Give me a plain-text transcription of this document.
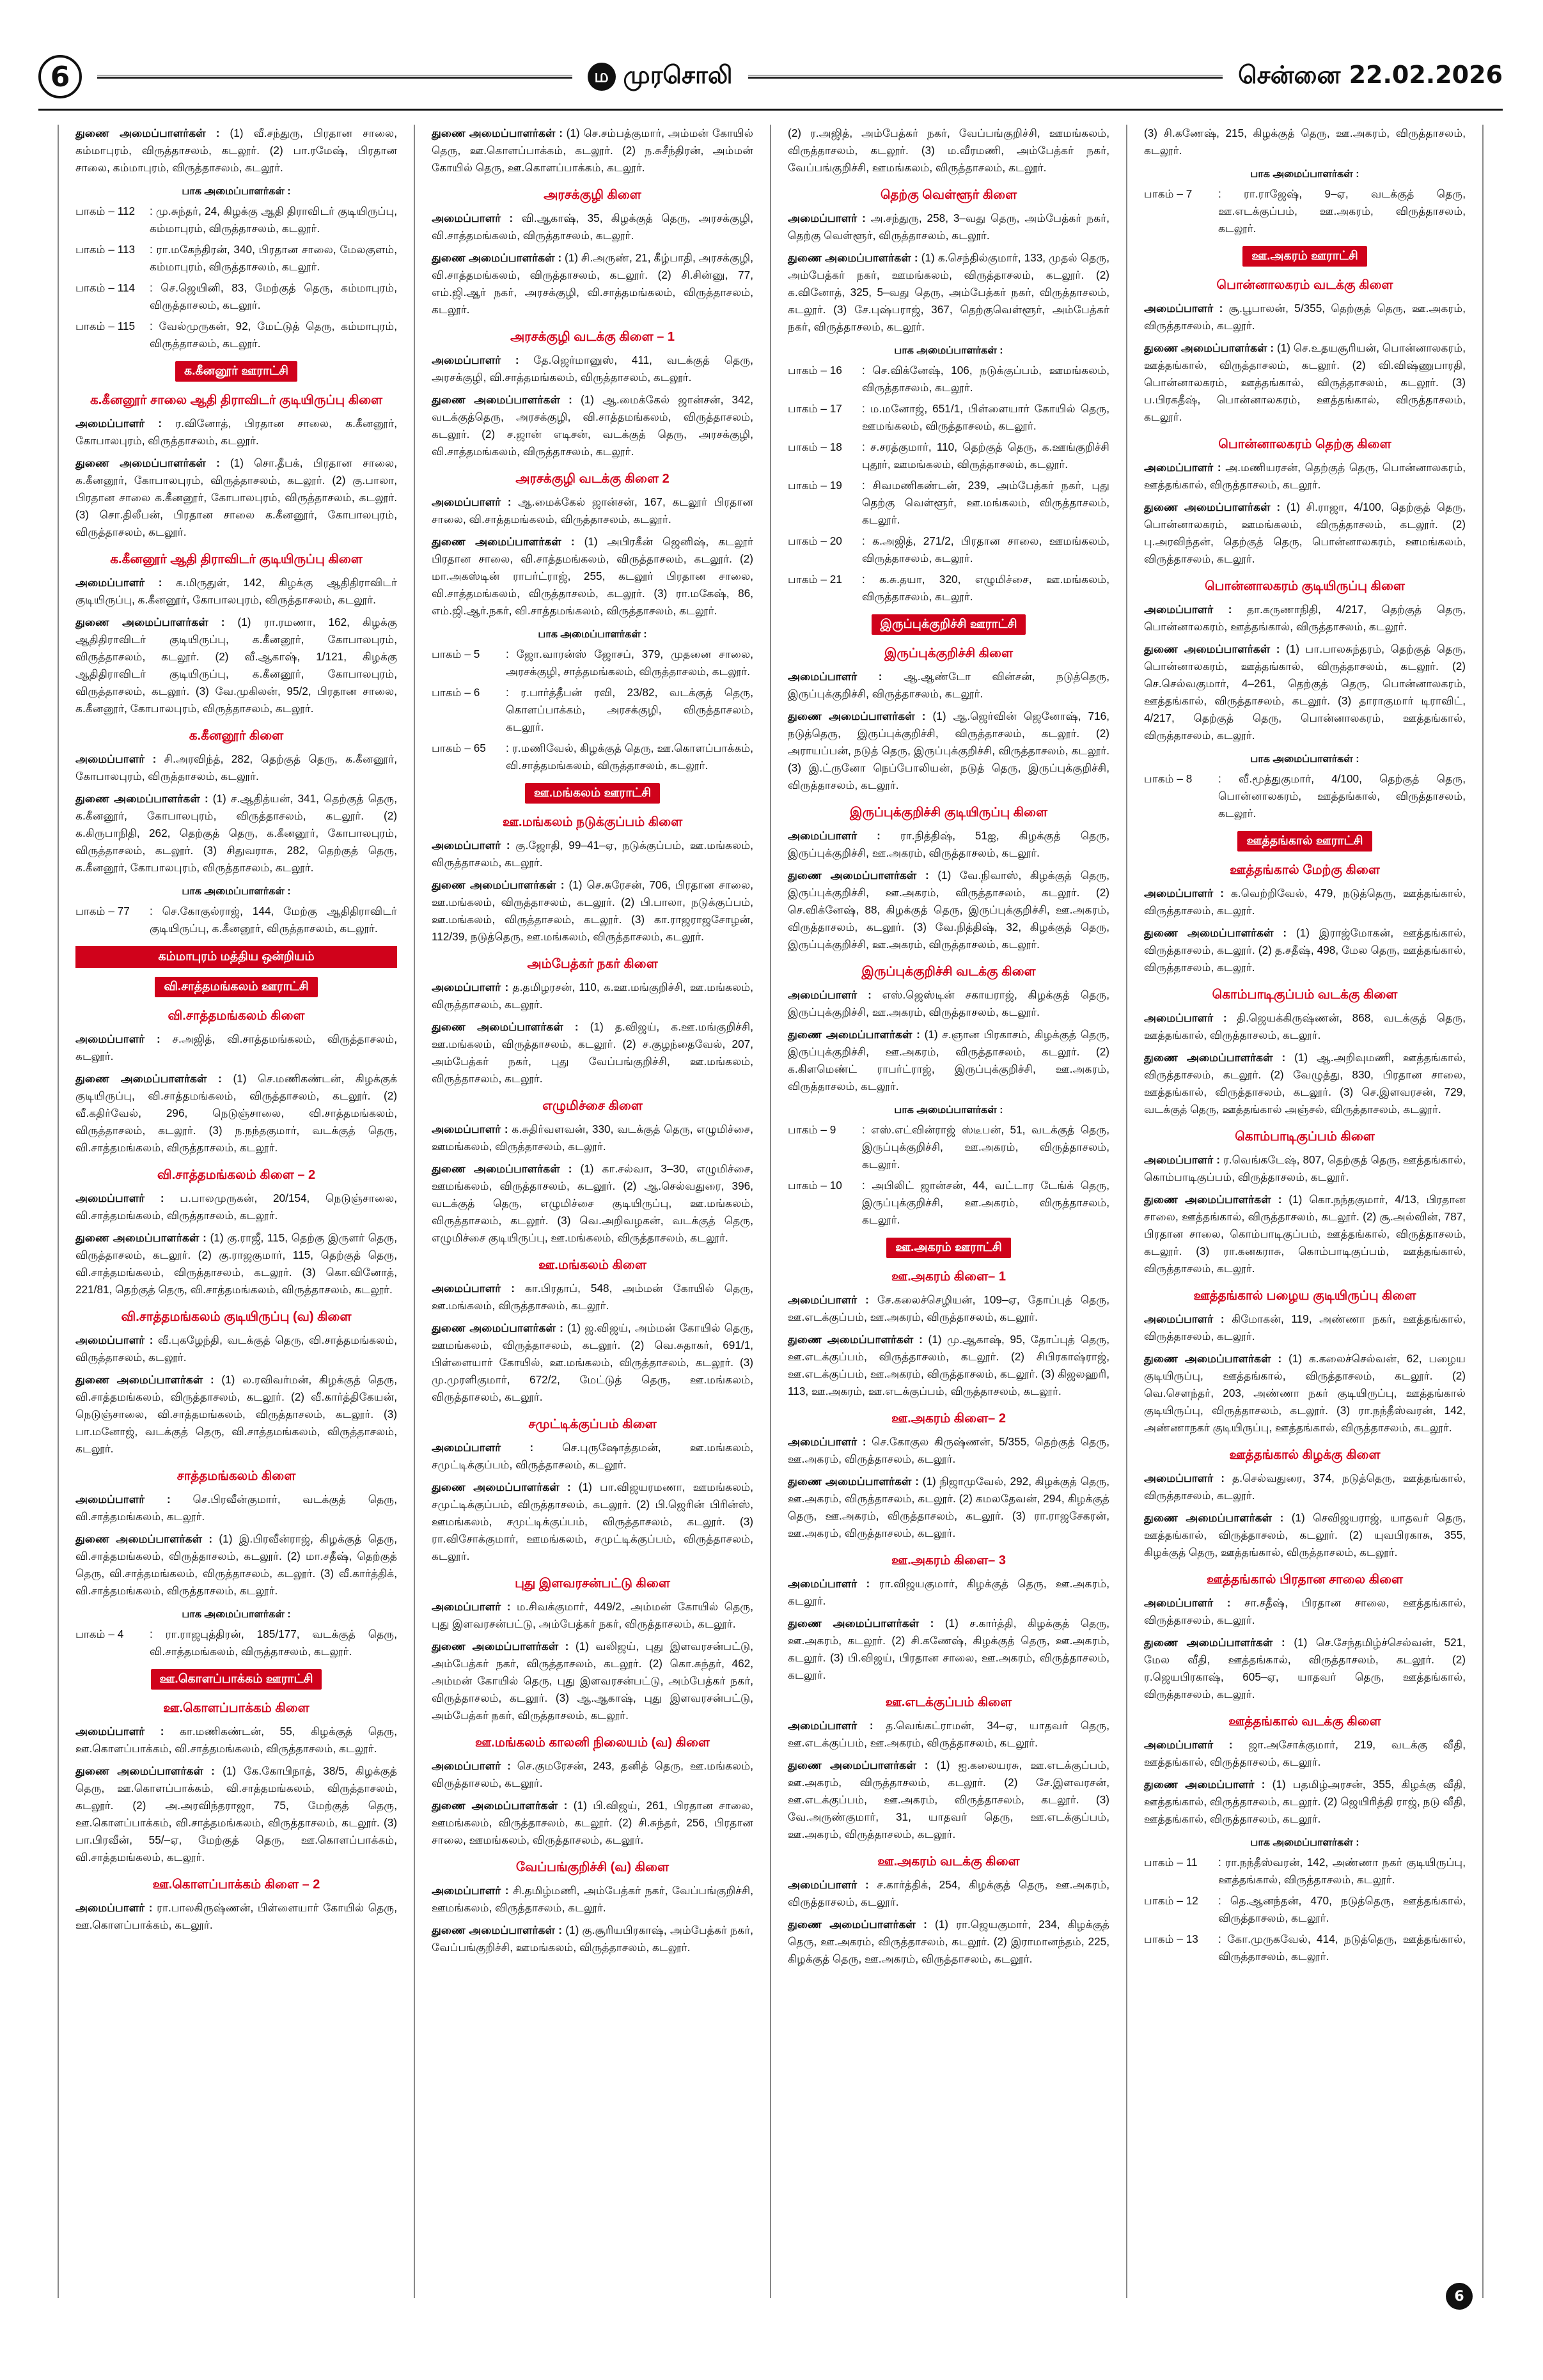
6	ம முரசொலி	சென்னை 22.02.2026

துணை அமைப்பாளர்கள் : (1) வீ.சந்துரு, பிரதான சாலை, கம்மாபுரம், விருத்தாசலம், கடலூர். (2) பா.ரமேஷ், பிரதான சாலை, கம்மாபுரம், விருத்தாசலம், கடலூர்.

பாக அமைப்பாளர்கள் :
பாகம் – 112	: மு.சுந்தர், 24, கிழக்கு ஆதி திராவிடர் குடியிருப்பு, கம்மாபுரம், விருத்தாசலம், கடலூர்.
பாகம் – 113	: ரா.மகேந்திரன், 340, பிரதான சாலை, மேலகுளம், கம்மாபுரம், விருத்தாசலம், கடலூர்.
பாகம் – 114	: செ.ஜெயினி, 83, மேற்குத் தெரு, கம்மாபுரம், விருத்தாசலம், கடலூர்.
பாகம் – 115	: வேல்முருகன், 92, மேட்டுத் தெரு, கம்மாபுரம், விருத்தாசலம், கடலூர்.
க.கீனனூர் ஊராட்சி
க.கீனனூர் சாலை ஆதி திராவிடர் குடியிருப்பு கிளை

அமைப்பாளர் : ர.வினோத், பிரதான சாலை, க.கீனனூர், கோபாலபுரம், விருத்தாசலம், கடலூர்.

துணை அமைப்பாளர்கள் : (1) சொ.தீபக், பிரதான சாலை, க.கீனனூர், கோபாலபுரம், விருத்தாசலம், கடலூர். (2) கு.பாலா, பிரதான சாலை க.கீனனூர், கோபாலபுரம், விருத்தாசலம், கடலூர். (3) சொ.திலீபன், பிரதான சாலை க.கீனனூர், கோபாலபுரம், விருத்தாசலம், கடலூர்.

க.கீனனூர் ஆதி திராவிடர் குடியிருப்பு கிளை

அமைப்பாளர் : க.மிருதுள், 142, கிழக்கு ஆதிதிராவிடர் குடியிருப்பு, க.கீனனூர், கோபாலபுரம், விருத்தாசலம், கடலூர்.

துணை அமைப்பாளர்கள் : (1) ரா.ரமணா, 162, கிழக்கு ஆதிதிராவிடர் குடியிருப்பு, க.கீனனூர், கோபாலபுரம், விருத்தாசலம், கடலூர். (2) வீ.ஆகாஷ், 1/121, கிழக்கு ஆதிதிராவிடர் குடியிருப்பு, க.கீனனூர், கோபாலபுரம், விருத்தாசலம், கடலூர். (3) வே.முகிலன், 95/2, பிரதான சாலை, க.கீனனூர், கோபாலபுரம், விருத்தாசலம், கடலூர்.

க.கீனனூர் கிளை

அமைப்பாளர் : சி.அரவிந்த், 282, தெற்குத் தெரு, க.கீனனூர், கோபாலபுரம், விருத்தாசலம், கடலூர்.

துணை அமைப்பாளர்கள் : (1) ச.ஆதித்யன், 341, தெற்குத் தெரு, க.கீனனூர், கோபாலபுரம், விருத்தாசலம், கடலூர். (2) க.கிருபாநிதி, 262, தெற்குத் தெரு, க.கீனனூர், கோபாலபுரம், விருத்தாசலம், கடலூர். (3) சிதுவராசு, 282, தெற்குத் தெரு, க.கீனனூர், கோபாலபுரம், விருத்தாசலம், கடலூர்.

பாக அமைப்பாளர்கள் :
பாகம் – 77	: செ.கோகுல்ராஜ், 144, மேற்கு ஆதிதிராவிடர் குடியிருப்பு, க.கீனனூர், விருத்தாசலம், கடலூர்.
கம்மாபுரம் மத்திய ஒன்றியம்
வி.சாத்தமங்கலம் ஊராட்சி
வி.சாத்தமங்கலம் கிளை

அமைப்பாளர் : ச.அஜித், வி.சாத்தமங்கலம், விருத்தாசலம், கடலூர்.

துணை அமைப்பாளர்கள் : (1) செ.மணிகண்டன், கிழக்குக் குடியிருப்பு, வி.சாத்தமங்கலம், விருத்தாசலம், கடலூர். (2) வீ.கதிர்வேல், 296, நெடுஞ்சாலை, வி.சாத்தமங்கலம், விருத்தாசலம், கடலூர். (3) ந.நந்தகுமார், வடக்குத் தெரு, வி.சாத்தமங்கலம், விருத்தாசலம், கடலூர்.

வி.சாத்தமங்கலம் கிளை – 2

அமைப்பாளர் : ப.பாலமுருகன், 20/154, நெடுஞ்சாலை, வி.சாத்தமங்கலம், விருத்தாசலம், கடலூர்.

துணை அமைப்பாளர்கள் : (1) கு.ராஜீ, 115, தெற்கு இருளர் தெரு, விருத்தாசலம், கடலூர். (2) கு.ராஜகுமார், 115, தெற்குத் தெரு, வி.சாத்தமங்கலம், விருத்தாசலம், கடலூர். (3) கொ.வினோத், 221/81, தெற்குத் தெரு, வி.சாத்தமங்கலம், விருத்தாசலம், கடலூர்.

வி.சாத்தமங்கலம் குடியிருப்பு (வ) கிளை

அமைப்பாளர் : வீ.புகழேந்தி, வடக்குத் தெரு, வி.சாத்தமங்கலம், விருத்தாசலம், கடலூர்.

துணை அமைப்பாளர்கள் : (1) ல.ரவிவர்மன், கிழக்குத் தெரு, வி.சாத்தமங்கலம், விருத்தாசலம், கடலூர். (2) வீ.கார்த்திகேயன், நெடுஞ்சாலை, வி.சாத்தமங்கலம், விருத்தாசலம், கடலூர். (3) பா.மனோஜ், வடக்குத் தெரு, வி.சாத்தமங்கலம், விருத்தாசலம், கடலூர்.

சாத்தமங்கலம் கிளை

அமைப்பாளர் : செ.பிரவீன்குமார், வடக்குத் தெரு, வி.சாத்தமங்கலம், கடலூர்.

துணை அமைப்பாளர்கள் : (1) இ.பிரவீன்ராஜ், கிழக்குத் தெரு, வி.சாத்தமங்கலம், விருத்தாசலம், கடலூர். (2) மா.சதீஷ், தெற்குத் தெரு, வி.சாத்தமங்கலம், விருத்தாசலம், கடலூர். (3) வீ.கார்த்திக், வி.சாத்தமங்கலம், விருத்தாசலம், கடலூர்.

பாக அமைப்பாளர்கள் :
பாகம் – 4	: ரா.ராஜபுத்திரன், 185/177, வடக்குத் தெரு, வி.சாத்தமங்கலம், விருத்தாசலம், கடலூர்.
ஊ.கொளப்பாக்கம் ஊராட்சி
ஊ.கொளப்பாக்கம் கிளை

அமைப்பாளர் : கா.மணிகண்டன், 55, கிழக்குத் தெரு, ஊ.கொளப்பாக்கம், வி.சாத்தமங்கலம், விருத்தாசலம், கடலூர்.

துணை அமைப்பாளர்கள் : (1) கே.கோபிநாத், 38/5, கிழக்குத் தெரு, ஊ.கொளப்பாக்கம், வி.சாத்தமங்கலம், விருத்தாசலம், கடலூர். (2) அ.அரவிந்தராஜா, 75, மேற்குத் தெரு, ஊ.கொளப்பாக்கம், வி.சாத்தமங்கலம், விருத்தாசலம், கடலூர். (3) பா.பிரவீன், 55/–ஏ, மேற்குத் தெரு, ஊ.கொளப்பாக்கம், வி.சாத்தமங்கலம், கடலூர்.

ஊ.கொளப்பாக்கம் கிளை – 2

அமைப்பாளர் : ரா.பாலகிருஷ்ணன், பிள்ளையார் கோயில் தெரு, ஊ.கொளப்பாக்கம், கடலூர்.

துணை அமைப்பாளர்கள் : (1) செ.சம்பத்குமார், அம்மன் கோயில் தெரு, ஊ.கொளப்பாக்கம், கடலூர். (2) ந.சுசீந்திரன், அம்மன் கோயில் தெரு, ஊ.கொளப்பாக்கம், கடலூர்.

அரசக்குழி கிளை

அமைப்பாளர் : வி.ஆகாஷ், 35, கிழக்குத் தெரு, அரசக்குழி, வி.சாத்தமங்கலம், விருத்தாசலம், கடலூர்.

துணை அமைப்பாளர்கள் : (1) சி.அருண், 21, கீழ்பாதி, அரசக்குழி, வி.சாத்தமங்கலம், விருத்தாசலம், கடலூர். (2) சி.சின்னு, 77, எம்.ஜி.ஆர் நகர், அரசக்குழி, வி.சாத்தமங்கலம், விருத்தாசலம், கடலூர்.

அரசக்குழி வடக்கு கிளை – 1

அமைப்பாளர் : தே.ஜெர்மானுஸ், 411, வடக்குத் தெரு, அரசக்குழி, வி.சாத்தமங்கலம், விருத்தாசலம், கடலூர்.

துணை அமைப்பாளர்கள் : (1) ஆ.மைக்கேல் ஜான்சன், 342, வடக்குத்தெரு, அரசக்குழி, வி.சாத்தமங்கலம், விருத்தாசலம், கடலூர். (2) ச.ஜான் எடிசன், வடக்குத் தெரு, அரசக்குழி, வி.சாத்தமங்கலம், விருத்தாசலம், கடலூர்.

அரசக்குழி வடக்கு கிளை 2

அமைப்பாளர் : ஆ.மைக்கேல் ஜான்சன், 167, கடலூர் பிரதான சாலை, வி.சாத்தமங்கலம், விருத்தாசலம், கடலூர்.

துணை அமைப்பாளர்கள் : (1) அபிரகீன் ஜெனிஷ், கடலூர் பிரதான சாலை, வி.சாத்தமங்கலம், விருத்தாசலம், கடலூர். (2) மா.அகஸ்டின் ராபர்ட்ராஜ், 255, கடலூர் பிரதான சாலை, வி.சாத்தமங்கலம், விருத்தாசலம், கடலூர். (3) ரா.மகேஷ், 86, எம்.ஜி.ஆர்.நகர், வி.சாத்தமங்கலம், விருத்தாசலம், கடலூர்.

பாக அமைப்பாளர்கள் :
பாகம் – 5	: ஜோ.வாரன்ஸ் ஜோசப், 379, முதனை சாலை, அரசக்குழி, சாத்தமங்கலம், விருத்தாசலம், கடலூர்.
பாகம் – 6	: ர.பார்த்தீபன் ரவி, 23/82, வடக்குத் தெரு, கொளப்பாக்கம், அரசக்குழி, விருத்தாசலம், கடலூர்.
பாகம் – 65	: ர.மணிவேல், கிழக்குத் தெரு, ஊ.கொளப்பாக்கம், வி.சாத்தமங்கலம், விருத்தாசலம், கடலூர்.
ஊ.மங்கலம் ஊராட்சி
ஊ.மங்கலம் நடுக்குப்பம் கிளை

அமைப்பாளர் : கு.ஜோதி, 99–41–ஏ, நடுக்குப்பம், ஊ.மங்கலம், விருத்தாசலம், கடலூர்.

துணை அமைப்பாளர்கள் : (1) செ.சுரேசன், 706, பிரதான சாலை, ஊ.மங்கலம், விருத்தாசலம், கடலூர். (2) பி.பாலா, நடுக்குப்பம், ஊ.மங்கலம், விருத்தாசலம், கடலூர். (3) கா.ராஜராஜசோழன், 112/39, நடுத்தெரு, ஊ.மங்கலம், விருத்தாசலம், கடலூர்.

அம்பேத்கர் நகர் கிளை

அமைப்பாளர் : த.தமிழரசன், 110, க.ஊ.மங்குறிச்சி, ஊ.மங்கலம், விருத்தாசலம், கடலூர்.

துணை அமைப்பாளர்கள் : (1) த.விஜய், க.ஊ.மங்குறிச்சி, ஊ.மங்கலம், விருத்தாசலம், கடலூர். (2) ச.குழந்தைவேல், 207, அம்பேத்கர் நகர், புது வேப்பங்குறிச்சி, ஊ.மங்கலம், விருத்தாசலம், கடலூர்.

எழுமிச்சை கிளை

அமைப்பாளர் : க.சுதிர்வளவன், 330, வடக்குத் தெரு, எழுமிச்சை, ஊமங்கலம், விருத்தாசலம், கடலூர்.

துணை அமைப்பாளர்கள் : (1) கா.சல்வா, 3–30, எழுமிச்சை, ஊமங்கலம், விருத்தாசலம், கடலூர். (2) ஆ.செல்வதுரை, 396, வடக்குத் தெரு, எழுமிச்சை குடியிருப்பு, ஊ.மங்கலம், விருத்தாசலம், கடலூர். (3) வெ.அறிவழகன், வடக்குத் தெரு, எழுமிச்சை குடியிருப்பு, ஊ.மங்கலம், விருத்தாசலம், கடலூர்.

ஊ.மங்கலம் கிளை

அமைப்பாளர் : கா.பிரதாப், 548, அம்மன் கோயில் தெரு, ஊ.மங்கலம், விருத்தாசலம், கடலூர்.

துணை அமைப்பாளர்கள் : (1) ஜ.விஜய், அம்மன் கோயில் தெரு, ஊமங்கலம், விருத்தாசலம், கடலூர். (2) வெ.சுதாகர், 691/1, பிள்ளையார் கோயில், ஊ.மங்கலம், விருத்தாசலம், கடலூர். (3) மு.முரளிகுமார், 672/2, மேட்டுத் தெரு, ஊ.மங்கலம், விருத்தாசலம், கடலூர்.

சமுட்டிக்குப்பம் கிளை

அமைப்பாளர் : செ.புருஷோத்தமன், ஊ.மங்கலம், சமுட்டிக்குப்பம், விருத்தாசலம், கடலூர்.

துணை அமைப்பாளர்கள் : (1) பா.விஜயரமணா, ஊமங்கலம், சமுட்டிக்குப்பம், விருத்தாசலம், கடலூர். (2) பி.ஜெரின் பிரின்ஸ், ஊமங்கலம், சமுட்டிக்குப்பம், விருத்தாசலம், கடலூர். (3) ரா.விசோக்குமார், ஊமங்கலம், சமுட்டிக்குப்பம், விருத்தாசலம், கடலூர்.

புது இளவரசன்பட்டு கிளை

அமைப்பாளர் : ம.சிவக்குமார், 449/2, அம்மன் கோயில் தெரு, புது இளவரசன்பட்டு, அம்பேத்கர் நகர், விருத்தாசலம், கடலூர்.

துணை அமைப்பாளர்கள் : (1) வலிஜய், புது இளவரசன்பட்டு, அம்பேத்கர் நகர், விருத்தாசலம், கடலூர். (2) கொ.சுந்தர், 462, அம்மன் கோயில் தெரு, புது இளவரசன்பட்டு, அம்பேத்கர் நகர், விருத்தாசலம், கடலூர். (3) ஆ.ஆகாஷ், புது இளவரசன்பட்டு, அம்பேத்கர் நகர், விருத்தாசலம், கடலூர்.

ஊ.மங்கலம் காலனி நிலையம் (வ) கிளை

அமைப்பாளர் : செ.குமரேசன், 243, தனித் தெரு, ஊ.மங்கலம், விருத்தாசலம், கடலூர்.

துணை அமைப்பாளர்கள் : (1) பி.விஜய், 261, பிரதான சாலை, ஊமங்கலம், விருத்தாசலம், கடலூர். (2) சி.சுந்தர், 256, பிரதான சாலை, ஊமங்கலம், விருத்தாசலம், கடலூர்.

வேப்பங்குறிச்சி (வ) கிளை

அமைப்பாளர் : சி.தமிழ்மணி, அம்பேத்கர் நகர், வேப்பங்குறிச்சி, ஊமங்கலம், விருத்தாசலம், கடலூர்.

துணை அமைப்பாளர்கள் : (1) கு.சூரியபிரகாஷ், அம்பேத்கர் நகர், வேப்பங்குறிச்சி, ஊமங்கலம், விருத்தாசலம், கடலூர்.

(2) ர.அஜித், அம்பேத்கர் நகர், வேப்பங்குறிச்சி, ஊமங்கலம், விருத்தாசலம், கடலூர். (3) ம.வீரமணி, அம்பேத்கர் நகர், வேப்பங்குறிச்சி, ஊமங்கலம், விருத்தாசலம், கடலூர்.

தெற்கு வெள்ளூர் கிளை

அமைப்பாளர் : அ.சந்துரு, 258, 3–வது தெரு, அம்பேத்கர் நகர், தெற்கு வெள்ளூர், விருத்தாசலம், கடலூர்.

துணை அமைப்பாளர்கள் : (1) க.செந்தில்குமார், 133, முதல் தெரு, அம்பேத்கர் நகர், ஊமங்கலம், விருத்தாசலம், கடலூர். (2) க.வினோத், 325, 5–வது தெரு, அம்பேத்கர் நகர், விருத்தாசலம், கடலூர். (3) சே.புஷ்பராஜ், 367, தெற்குவெள்ளூர், அம்பேத்கர் நகர், விருத்தாசலம், கடலூர்.

பாக அமைப்பாளர்கள் :
பாகம் – 16	: செ.விக்னேஷ், 106, நடுக்குப்பம், ஊமங்கலம், விருத்தாசலம், கடலூர்.
பாகம் – 17	: ம.மனோஜ், 651/1, பிள்ளையார் கோயில் தெரு, ஊமங்கலம், விருத்தாசலம், கடலூர்.
பாகம் – 18	: ச.சரத்குமார், 110, தெற்குத் தெரு, க.ஊங்குறிச்சி புதூர், ஊமங்கலம், விருத்தாசலம், கடலூர்.
பாகம் – 19	: சிவமணிகண்டன், 239, அம்பேத்கர் நகர், புது தெற்கு வெள்ளூர், ஊ.மங்கலம், விருத்தாசலம், கடலூர்.
பாகம் – 20	: க.அஜித், 271/2, பிரதான சாலை, ஊமங்கலம், விருத்தாசலம், கடலூர்.
பாகம் – 21	: க.சு.தயா, 320, எழுமிச்சை, ஊ.மங்கலம், விருத்தாசலம், கடலூர்.
இருப்புக்குறிச்சி ஊராட்சி
இருப்புக்குறிச்சி கிளை

அமைப்பாளர் : ஆ.ஆண்டோ வின்சன், நடுத்தெரு, இருப்புக்குறிச்சி, விருத்தாசலம், கடலூர்.

துணை அமைப்பாளர்கள் : (1) ஆ.ஜெர்வின் ஜெனோஷ், 716, நடுத்தெரு, இருப்புக்குறிச்சி, விருத்தாசலம், கடலூர். (2) அராயப்பன், நடுத் தெரு, இருப்புக்குறிச்சி, விருத்தாசலம், கடலூர். (3) இ.ட்ருனோ நெப்போலியன், நடுத் தெரு, இருப்புக்குறிச்சி, விருத்தாசலம், கடலூர்.

இருப்புக்குறிச்சி குடியிருப்பு கிளை

அமைப்பாளர் : ரா.நித்திஷ், 51ஐ, கிழக்குத் தெரு, இருப்புக்குறிச்சி, ஊ.அகரம், விருத்தாசலம், கடலூர்.

துணை அமைப்பாளர்கள் : (1) வே.நிவாஸ், கிழக்குத் தெரு, இருப்புக்குறிச்சி, ஊ.அகரம், விருத்தாசலம், கடலூர். (2) செ.விக்னேஷ், 88, கிழக்குத் தெரு, இருப்புக்குறிச்சி, ஊ.அகரம், விருத்தாசலம், கடலூர். (3) வே.நித்திஷ், 32, கிழக்குத் தெரு, இருப்புக்குறிச்சி, ஊ.அகரம், விருத்தாசலம், கடலூர்.

இருப்புக்குறிச்சி வடக்கு கிளை

அமைப்பாளர் : எஸ்.ஜெஸ்டின் சகாயராஜ், கிழக்குத் தெரு, இருப்புக்குறிச்சி, ஊ.அகரம், விருத்தாசலம், கடலூர்.

துணை அமைப்பாளர்கள் : (1) ச.ஞான பிரகாசம், கிழக்குத் தெரு, இருப்புக்குறிச்சி, ஊ.அகரம், விருத்தாசலம், கடலூர். (2) க.கிளமெண்ட் ராபர்ட்ராஜ், இருப்புக்குறிச்சி, ஊ.அகரம், விருத்தாசலம், கடலூர்.

பாக அமைப்பாளர்கள் :
பாகம் – 9	: எஸ்.எட்வின்ராஜ் ஸ்டீபன், 51, வடக்குத் தெரு, இருப்புக்குறிச்சி, ஊ.அகரம், விருத்தாசலம், கடலூர்.
பாகம் – 10	: அபிலிட் ஜான்சன், 44, வட்டார டேங்க் தெரு, இருப்புக்குறிச்சி, ஊ.அகரம், விருத்தாசலம், கடலூர்.
ஊ.அகரம் ஊராட்சி
ஊ.அகரம் கிளை– 1

அமைப்பாளர் : சே.கலைச்செழியன், 109–ஏ, தோப்புத் தெரு, ஊ.எடக்குப்பம், ஊ.அகரம், விருத்தாசலம், கடலூர்.

துணை அமைப்பாளர்கள் : (1) மு.ஆகாஷ், 95, தோப்புத் தெரு, ஊ.எடக்குப்பம், விருத்தாசலம், கடலூர். (2) சிபிரகாஷ்ராஜ், ஊ.எடக்குப்பம், ஊ.அகரம், விருத்தாசலம், கடலூர். (3) கிஜலஹரி, 113, ஊ.அகரம், ஊ.எடக்குப்பம், விருத்தாசலம், கடலூர்.

ஊ.அகரம் கிளை– 2

அமைப்பாளர் : செ.கோகுல கிருஷ்ணன், 5/355, தெற்குத் தெரு, ஊ.அகரம், விருத்தாசலம், கடலூர்.

துணை அமைப்பாளர்கள் : (1) நிஜாமுவேல், 292, கிழக்குத் தெரு, ஊ.அகரம், விருத்தாசலம், கடலூர். (2) கமலதேவன், 294, கிழக்குத் தெரு, ஊ.அகரம், விருத்தாசலம், கடலூர். (3) ரா.ராஜசேகரன், ஊ.அகரம், விருத்தாசலம், கடலூர்.

ஊ.அகரம் கிளை– 3

அமைப்பாளர் : ரா.விஜயகுமார், கிழக்குத் தெரு, ஊ.அகரம், கடலூர்.

துணை அமைப்பாளர்கள் : (1) ச.கார்த்தி, கிழக்குத் தெரு, ஊ.அகரம், கடலூர். (2) சி.கணேஷ், கிழக்குத் தெரு, ஊ.அகரம், கடலூர். (3) பி.விஜய், பிரதான சாலை, ஊ.அகரம், விருத்தாசலம், கடலூர்.

ஊ.எடக்குப்பம் கிளை

அமைப்பாளர் : த.வெங்கட்ராமன், 34–ஏ, யாதவர் தெரு, ஊ.எடக்குப்பம், ஊ.அகரம், விருத்தாசலம், கடலூர்.

துணை அமைப்பாளர்கள் : (1) ஐ.கலையரசு, ஊ.எடக்குப்பம், ஊ.அகரம், விருத்தாசலம், கடலூர். (2) சே.இளவரசன், ஊ.எடக்குப்பம், ஊ.அகரம், விருத்தாசலம், கடலூர். (3) வே.அருண்குமார், 31, யாதவர் தெரு, ஊ.எடக்குப்பம், ஊ.அகரம், விருத்தாசலம், கடலூர்.

ஊ.அகரம் வடக்கு கிளை

அமைப்பாளர் : ச.கார்த்திக், 254, கிழக்குத் தெரு, ஊ.அகரம், விருத்தாசலம், கடலூர்.

துணை அமைப்பாளர்கள் : (1) ரா.ஜெயகுமார், 234, கிழக்குத் தெரு, ஊ.அகரம், விருத்தாசலம், கடலூர். (2) இராமானந்தம், 225, கிழக்குத் தெரு, ஊ.அகரம், விருத்தாசலம், கடலூர்.

(3) சி.கணேஷ், 215, கிழக்குத் தெரு, ஊ.அகரம், விருத்தாசலம், கடலூர்.

பாக அமைப்பாளர்கள் :
பாகம் – 7	: ரா.ராஜேஷ், 9–ஏ, வடக்குத் தெரு, ஊ.எடக்குப்பம், ஊ.அகரம், விருத்தாசலம், கடலூர்.
ஊ.அகரம் ஊராட்சி
பொன்னாலகரம் வடக்கு கிளை

அமைப்பாளர் : சூ.பூபாலன், 5/355, தெற்குத் தெரு, ஊ.அகரம், விருத்தாசலம், கடலூர்.

துணை அமைப்பாளர்கள் : (1) செ.உதயசூரியன், பொன்னாலகரம், ஊத்தங்கால், விருத்தாசலம், கடலூர். (2) வி.விஷ்ணுபாரதி, பொன்னாலகரம், ஊத்தங்கால், விருத்தாசலம், கடலூர். (3) ப.பிரகதீஷ், பொன்னாலகரம், ஊத்தங்கால், விருத்தாசலம், கடலூர்.

பொன்னாலகரம் தெற்கு கிளை

அமைப்பாளர் : அ.மணியரசன், தெற்குத் தெரு, பொன்னாலகரம், ஊத்தங்கால், விருத்தாசலம், கடலூர்.

துணை அமைப்பாளர்கள் : (1) சி.ராஜா, 4/100, தெற்குத் தெரு, பொன்னாலகரம், ஊமங்கலம், விருத்தாசலம், கடலூர். (2) பு.அரவிந்தன், தெற்குத் தெரு, பொன்னாலகரம், ஊமங்கலம், விருத்தாசலம், கடலூர்.

பொன்னாலகரம் குடியிருப்பு கிளை

அமைப்பாளர் : தா.கருணாநிதி, 4/217, தெற்குத் தெரு, பொன்னாலகரம், ஊத்தங்கால், விருத்தாசலம், கடலூர்.

துணை அமைப்பாளர்கள் : (1) பா.பாலசுந்தரம், தெற்குத் தெரு, பொன்னாலகரம், ஊத்தங்கால், விருத்தாசலம், கடலூர். (2) செ.செல்வகுமார், 4–261, தெற்குத் தெரு, பொன்னாலகரம், ஊத்தங்கால், விருத்தாசலம், கடலூர். (3) தாராகுமார் டிராவிட், 4/217, தெற்குத் தெரு, பொன்னாலகரம், ஊத்தங்கால், விருத்தாசலம், கடலூர்.

பாக அமைப்பாளர்கள் :
பாகம் – 8	: வீ.மூத்துகுமார், 4/100, தெற்குத் தெரு, பொன்னாலகரம், ஊத்தங்கால், விருத்தாசலம், கடலூர்.
ஊத்தங்கால் ஊராட்சி
ஊத்தங்கால் மேற்கு கிளை

அமைப்பாளர் : க.வெற்றிவேல், 479, நடுத்தெரு, ஊத்தங்கால், விருத்தாசலம், கடலூர்.

துணை அமைப்பாளர்கள் : (1) இராஜ்மோகன், ஊத்தங்கால், விருத்தாசலம், கடலூர். (2) த.சதீஷ், 498, மேல தெரு, ஊத்தங்கால், விருத்தாசலம், கடலூர்.

கொம்பாடிகுப்பம் வடக்கு கிளை

அமைப்பாளர் : தி.ஜெயக்கிருஷ்ணன், 868, வடக்குத் தெரு, ஊத்தங்கால், விருத்தாசலம், கடலூர்.

துணை அமைப்பாளர்கள் : (1) ஆ.அறிவுமணி, ஊத்தங்கால், விருத்தாசலம், கடலூர். (2) வேழுத்து, 830, பிரதான சாலை, ஊத்தங்கால், விருத்தாசலம், கடலூர். (3) செ.இளவரசன், 729, வடக்குத் தெரு, ஊத்தங்கால் அஞ்சல், விருத்தாசலம், கடலூர்.

கொம்பாடிகுப்பம் கிளை

அமைப்பாளர் : ர.வெங்கடேஷ், 807, தெற்குத் தெரு, ஊத்தங்கால், கொம்பாடிகுப்பம், விருத்தாசலம், கடலூர்.

துணை அமைப்பாளர்கள் : (1) கொ.நந்தகுமார், 4/13, பிரதான சாலை, ஊத்தங்கால், விருத்தாசலம், கடலூர். (2) சூ.அல்வின், 787, பிரதான சாலை, கொம்பாடிகுப்பம், ஊத்தங்கால், விருத்தாசலம், கடலூர். (3) ரா.கனகராசு, கொம்பாடிகுப்பம், ஊத்தங்கால், விருத்தாசலம், கடலூர்.

ஊத்தங்கால் பழைய குடியிருப்பு கிளை

அமைப்பாளர் : கிமோகன், 119, அண்ணா நகர், ஊத்தங்கால், விருத்தாசலம், கடலூர்.

துணை அமைப்பாளர்கள் : (1) க.கலைச்செல்வன், 62, பழைய குடியிருப்பு, ஊத்தங்கால், விருத்தாசலம், கடலூர். (2) வெ.சௌந்தர், 203, அண்ணா நகர் குடியிருப்பு, ஊத்தங்கால் குடியிருப்பு, விருத்தாசலம், கடலூர். (3) ரா.நந்தீஸ்வரன், 142, அண்ணாநகர் குடியிருப்பு, ஊத்தங்கால், விருத்தாசலம், கடலூர்.

ஊத்தங்கால் கிழக்கு கிளை

அமைப்பாளர் : த.செல்வதுரை, 374, நடுத்தெரு, ஊத்தங்கால், விருத்தாசலம், கடலூர்.

துணை அமைப்பாளர்கள் : (1) செவிஜயராஜ், யாதவர் தெரு, ஊத்தங்கால், விருத்தாசலம், கடலூர். (2) யுவபிரகாசு, 355, கிழக்குத் தெரு, ஊத்தங்கால், விருத்தாசலம், கடலூர்.

ஊத்தங்கால் பிரதான சாலை கிளை

அமைப்பாளர் : சா.சதீஷ், பிரதான சாலை, ஊத்தங்கால், விருத்தாசலம், கடலூர்.

துணை அமைப்பாளர்கள் : (1) செ.சேந்தமிழ்ச்செல்வன், 521, மேல வீதி, ஊத்தங்கால், விருத்தாசலம், கடலூர். (2) ர.ஜெயபிரகாஷ், 605–ஏ, யாதவர் தெரு, ஊத்தங்கால், விருத்தாசலம், கடலூர்.

ஊத்தங்கால் வடக்கு கிளை

அமைப்பாளர் : ஜா.அசோக்குமார், 219, வடக்கு வீதி, ஊத்தங்கால், விருத்தாசலம், கடலூர்.

துணை அமைப்பாளர் : (1) பதமிழ்அரசன், 355, கிழக்கு வீதி, ஊத்தங்கால், விருத்தாசலம், கடலூர். (2) ஜெயிரித்தி ராஜ், நடு வீதி, ஊத்தங்கால், விருத்தாசலம், கடலூர்.

பாக அமைப்பாளர்கள் :
பாகம் – 11	: ரா.நந்தீஸ்வரன், 142, அண்ணா நகர் குடியிருப்பு, ஊத்தங்கால், விருத்தாசலம், கடலூர்.
பாகம் – 12	: தெ.ஆனந்தன், 470, நடுத்தெரு, ஊத்தங்கால், விருத்தாசலம், கடலூர்.
பாகம் – 13	: கோ.முருகவேல், 414, நடுத்தெரு, ஊத்தங்கால், விருத்தாசலம், கடலூர்.
6
